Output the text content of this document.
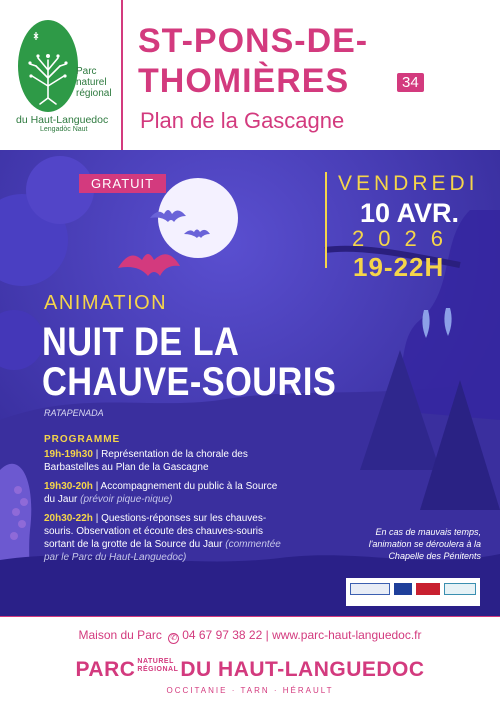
Parc
naturel
régional
du Haut-Languedoc
Lengadòc Naut
ST-PONS-DE-
THOMIÈRES	34
Plan de la Gascagne
GRATUIT	VENDREDI
10 AVR.
2026
19-22H
ANIMATION
NUIT DE LA
CHAUVE-SOURIS
RATAPENADA
PROGRAMME
19h-19h30 | Représentation de la chorale des Barbastelles au Plan de la Gascagne
19h30-20h | Accompagnement du public à la Source du Jaur (prévoir pique-nique)
20h30-22h | Questions-réponses sur les chauves-souris. Observation et écoute des chauves-souris sortant de la grotte de la Source du Jaur (commentée par le Parc du Haut-Languedoc)
En cas de mauvais temps, l'animation se déroulera à la Chapelle des Pénitents
Maison du Parc ✆ 04 67 97 38 22 | www.parc-haut-languedoc.fr
PARC NATUREL
RÉGIONALDU HAUT-LANGUEDOC
OCCITANIE · TARN · HÉRAULT
